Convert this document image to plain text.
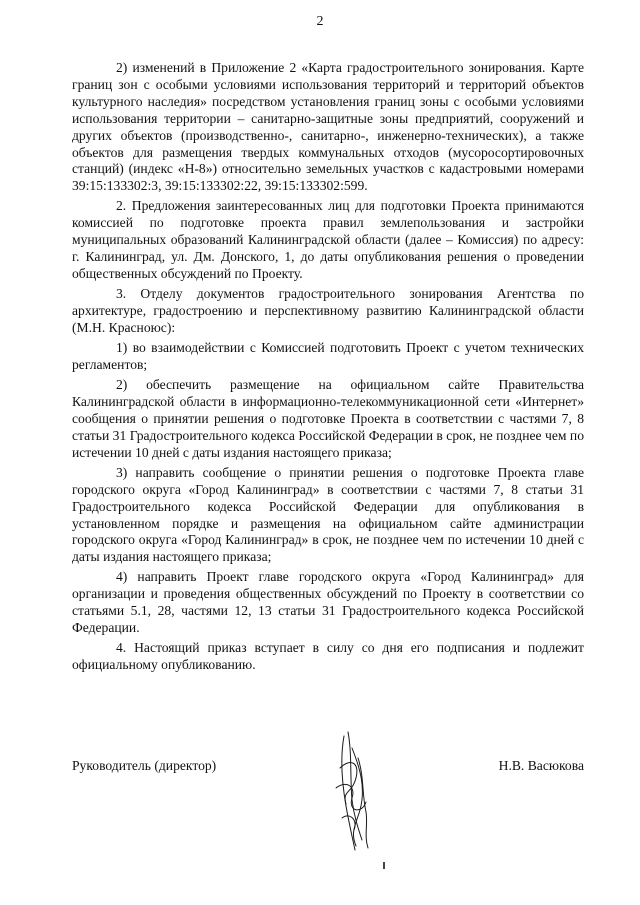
2

2) изменений в Приложение 2 «Карта градостроительного зонирования. Карте границ зон с особыми условиями использования территорий и территорий объектов культурного наследия» посредством установления границ зоны с особыми условиями использования территории – санитарно-защитные зоны предприятий, сооружений и других объектов (производственно-, санитарно-, инженерно-технических), а также объектов для размещения твердых коммунальных отходов (мусоросортировочных станций) (индекс «Н-8») относительно земельных участков с кадастровыми номерами 39:15:133302:3, 39:15:133302:22, 39:15:133302:599.

2. Предложения заинтересованных лиц для подготовки Проекта принимаются комиссией по подготовке проекта правил землепользования и застройки муниципальных образований Калининградской области (далее – Комиссия) по адресу: г. Калининград, ул. Дм. Донского, 1, до даты опубликования решения о проведении общественных обсуждений по Проекту.

3. Отделу документов градостроительного зонирования Агентства по архитектуре, градостроению и перспективному развитию Калининградской области (М.Н. Красноюс):

1) во взаимодействии с Комиссией подготовить Проект с учетом технических регламентов;

2) обеспечить размещение на официальном сайте Правительства Калининградской области в информационно-телекоммуникационной сети «Интернет» сообщения о принятии решения о подготовке Проекта в соответствии с частями 7, 8 статьи 31 Градостроительного кодекса Российской Федерации в срок, не позднее чем по истечении 10 дней с даты издания настоящего приказа;

3) направить сообщение о принятии решения о подготовке Проекта главе городского округа «Город Калининград» в соответствии с частями 7, 8 статьи 31 Градостроительного кодекса Российской Федерации для опубликования в установленном порядке и размещения на официальном сайте администрации городского округа «Город Калининград» в срок, не позднее чем по истечении 10 дней с даты издания настоящего приказа;

4) направить Проект главе городского округа «Город Калининград» для организации и проведения общественных обсуждений по Проекту в соответствии со статьями 5.1, 28, частями 12, 13 статьи 31 Градостроительного кодекса Российской Федерации.

4. Настоящий приказ вступает в силу со дня его подписания и подлежит официальному опубликованию.

Руководитель (директор)	Н.В. Васюкова
